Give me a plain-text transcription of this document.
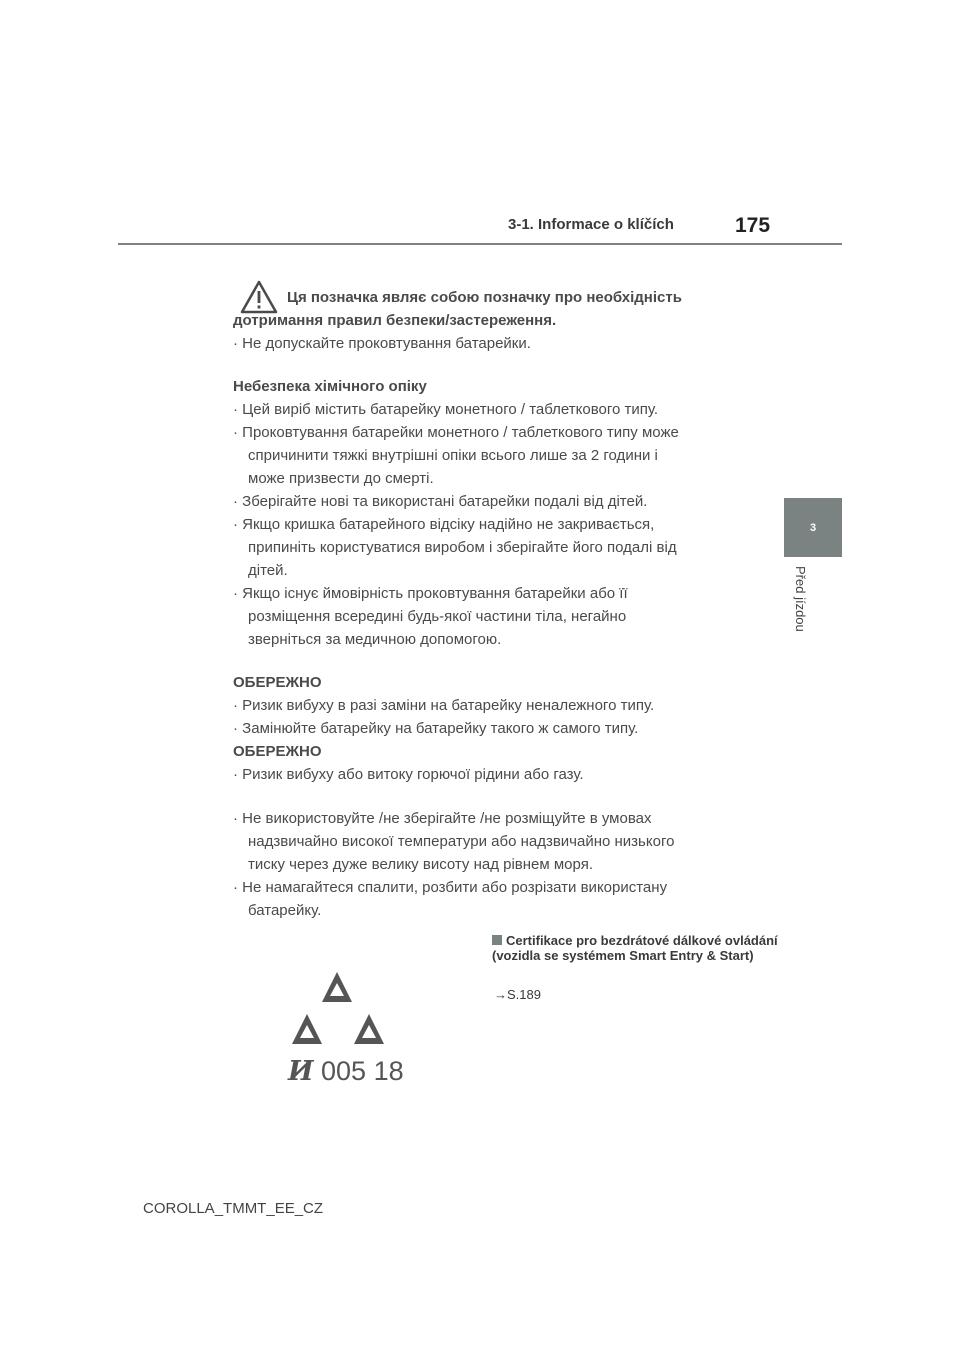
3-1. Informace o klíčích	175
3
Před jízdou
Ця позначка являє собою позначку про необхідність
дотримання правил безпеки/застереження.
· Не допускайте проковтування батарейки.
Небезпека хімічного опіку
· Цей виріб містить батарейку монетного / таблеткового типу.
· Проковтування батарейки монетного / таблеткового типу може
спричинити тяжкі внутрішні опіки всього лише за 2 години і
може призвести до смерті.
· Зберігайте нові та використані батарейки подалі від дітей.
· Якщо кришка батарейного відсіку надійно не закривається,
припиніть користуватися виробом і зберігайте його подалі від
дітей.
· Якщо існує ймовірність проковтування батарейки або її
розміщення всередині будь-якої частини тіла, негайно
зверніться за медичною допомогою.
ОБЕРЕЖНО
· Ризик вибуху в разі заміни на батарейку неналежного типу.
· Замінюйте батарейку на батарейку такого ж самого типу.
ОБЕРЕЖНО
· Ризик вибуху або витоку горючої рідини або газу.
· Не використовуйте /не зберігайте /не розміщуйте в умовах
надзвичайно високої температури або надзвичайно низького
тиску через дуже велику висоту над рівнем моря.
· Не намагайтеся спалити, розбити або розрізати використану
батарейку.
Certifikace pro bezdrátové dálkové ovládání (vozidla se systémem Smart Entry & Start)
→S.189
И 005 18
COROLLA_TMMT_EE_CZ
